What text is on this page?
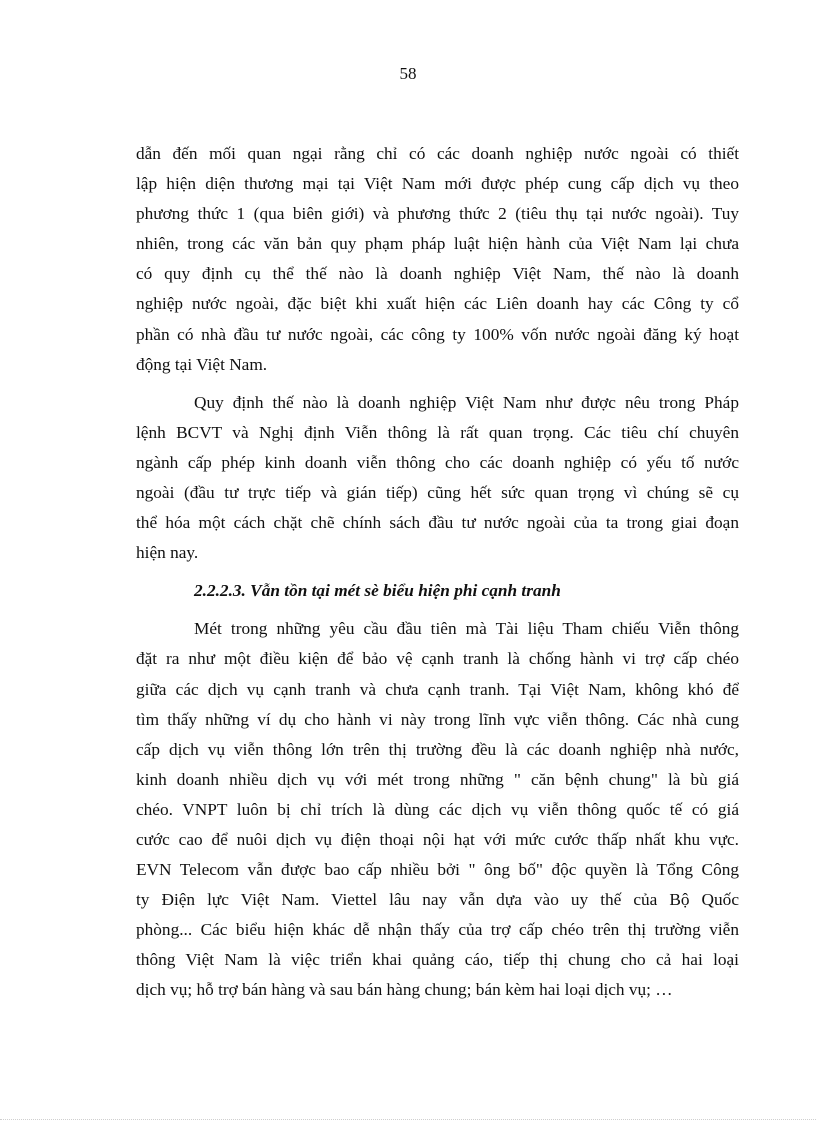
58

dẫn đến mối quan ngại rằng chỉ có các doanh nghiệp nước ngoài có thiết
lập hiện diện thương mại tại Việt Nam mới được phép cung cấp dịch vụ theo
phương thức 1 (qua biên giới) và phương thức 2 (tiêu thụ tại nước ngoài). Tuy
nhiên, trong các văn bản quy phạm pháp luật hiện hành của Việt Nam lại chưa
có quy định cụ thể thế nào là doanh nghiệp Việt Nam, thế nào là doanh
nghiệp nước ngoài, đặc biệt khi xuất hiện các Liên doanh hay các Công ty cổ
phần có nhà đầu tư nước ngoài, các công ty 100% vốn nước ngoài đăng ký hoạt
động tại Việt Nam.

Quy định thế nào là doanh nghiệp Việt Nam như được nêu trong Pháp
lệnh BCVT và Nghị định Viễn thông là rất quan trọng. Các tiêu chí chuyên
ngành cấp phép kinh doanh viễn thông cho các doanh nghiệp có yếu tố nước
ngoài (đầu tư trực tiếp và gián tiếp) cũng hết sức quan trọng vì chúng sẽ cụ
thể hóa một cách chặt chẽ chính sách đầu tư nước ngoài của ta trong giai đoạn
hiện nay.

2.2.2.3. Vẫn tồn tại mét sè biểu hiện phi cạnh tranh

Mét trong những yêu cầu đầu tiên mà Tài liệu Tham chiếu Viễn thông
đặt ra như một điều kiện để bảo vệ cạnh tranh là chống hành vi trợ cấp chéo
giữa các dịch vụ cạnh tranh và chưa cạnh tranh. Tại Việt Nam, không khó để
tìm thấy những ví dụ cho hành vi này trong lĩnh vực viễn thông. Các nhà cung
cấp dịch vụ viễn thông lớn trên thị trường đều là các doanh nghiệp nhà nước,
kinh doanh nhiều dịch vụ với mét trong những " căn bệnh chung" là bù giá
chéo. VNPT luôn bị chỉ trích là dùng các dịch vụ viễn thông quốc tế có giá
cước cao để nuôi dịch vụ điện thoại nội hạt với mức cước thấp nhất khu vực.
EVN Telecom vẫn được bao cấp nhiều bởi " ông bố" độc quyền là Tổng Công
ty Điện lực Việt Nam. Viettel lâu nay vẫn dựa vào uy thế của Bộ Quốc
phòng... Các biểu hiện khác dễ nhận thấy của trợ cấp chéo trên thị trường viễn
thông Việt Nam là việc triển khai quảng cáo, tiếp thị chung cho cả hai loại
dịch vụ; hỗ trợ bán hàng và sau bán hàng chung; bán kèm hai loại dịch vụ; …
